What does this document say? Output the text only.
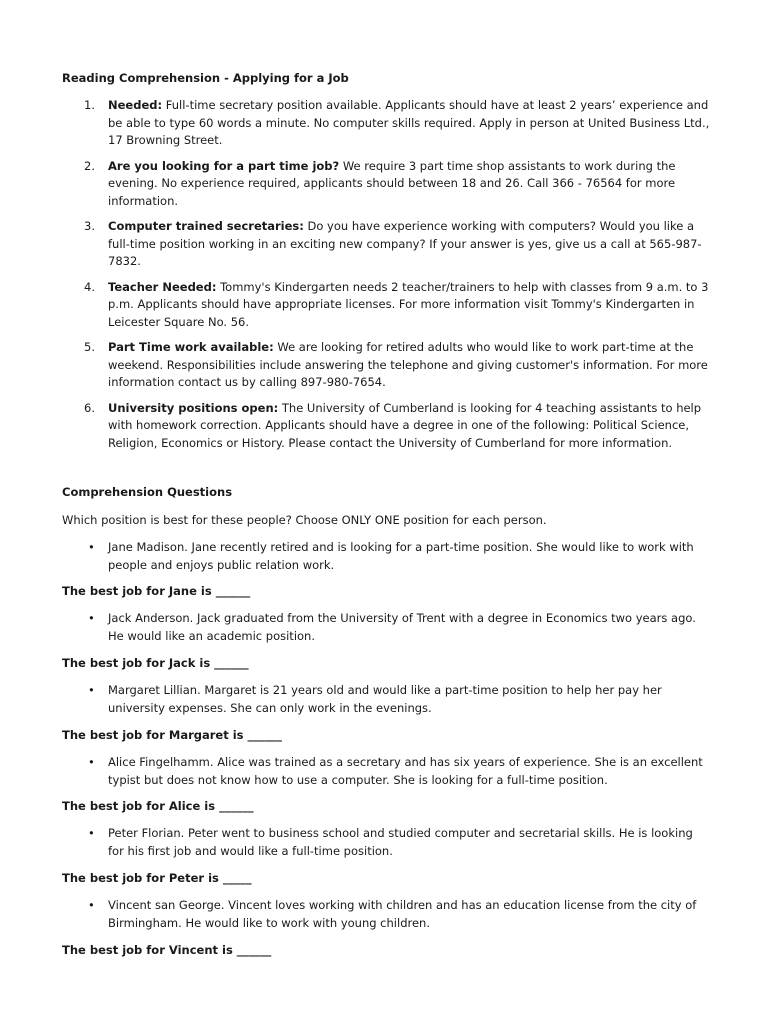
Reading Comprehension - Applying for a Job
1. Needed: Full-time secretary position available. Applicants should have at least 2 years’ experience and be able to type 60 words a minute. No computer skills required. Apply in person at United Business Ltd., 17 Browning Street.
2. Are you looking for a part time job? We require 3 part time shop assistants to work during the evening. No experience required, applicants should between 18 and 26. Call 366 - 76564 for more information.
3. Computer trained secretaries: Do you have experience working with computers? Would you like a full-time position working in an exciting new company? If your answer is yes, give us a call at 565-987-7832.
4. Teacher Needed: Tommy's Kindergarten needs 2 teacher/trainers to help with classes from 9 a.m. to 3 p.m. Applicants should have appropriate licenses. For more information visit Tommy's Kindergarten in Leicester Square No. 56.
5. Part Time work available: We are looking for retired adults who would like to work part-time at the weekend. Responsibilities include answering the telephone and giving customer's information. For more information contact us by calling 897-980-7654.
6. University positions open: The University of Cumberland is looking for 4 teaching assistants to help with homework correction. Applicants should have a degree in one of the following: Political Science, Religion, Economics or History. Please contact the University of Cumberland for more information.
Comprehension Questions
Which position is best for these people? Choose ONLY ONE position for each person.
• Jane Madison. Jane recently retired and is looking for a part-time position. She would like to work with people and enjoys public relation work.
The best job for Jane is ______
• Jack Anderson. Jack graduated from the University of Trent with a degree in Economics two years ago. He would like an academic position.
The best job for Jack is ______
• Margaret Lillian. Margaret is 21 years old and would like a part-time position to help her pay her university expenses. She can only work in the evenings.
The best job for Margaret is ______
• Alice Fingelhamm. Alice was trained as a secretary and has six years of experience. She is an excellent typist but does not know how to use a computer. She is looking for a full-time position.
The best job for Alice is ______
• Peter Florian. Peter went to business school and studied computer and secretarial skills. He is looking for his first job and would like a full-time position.
The best job for Peter is _____
• Vincent san George. Vincent loves working with children and has an education license from the city of Birmingham. He would like to work with young children.
The best job for Vincent is ______
